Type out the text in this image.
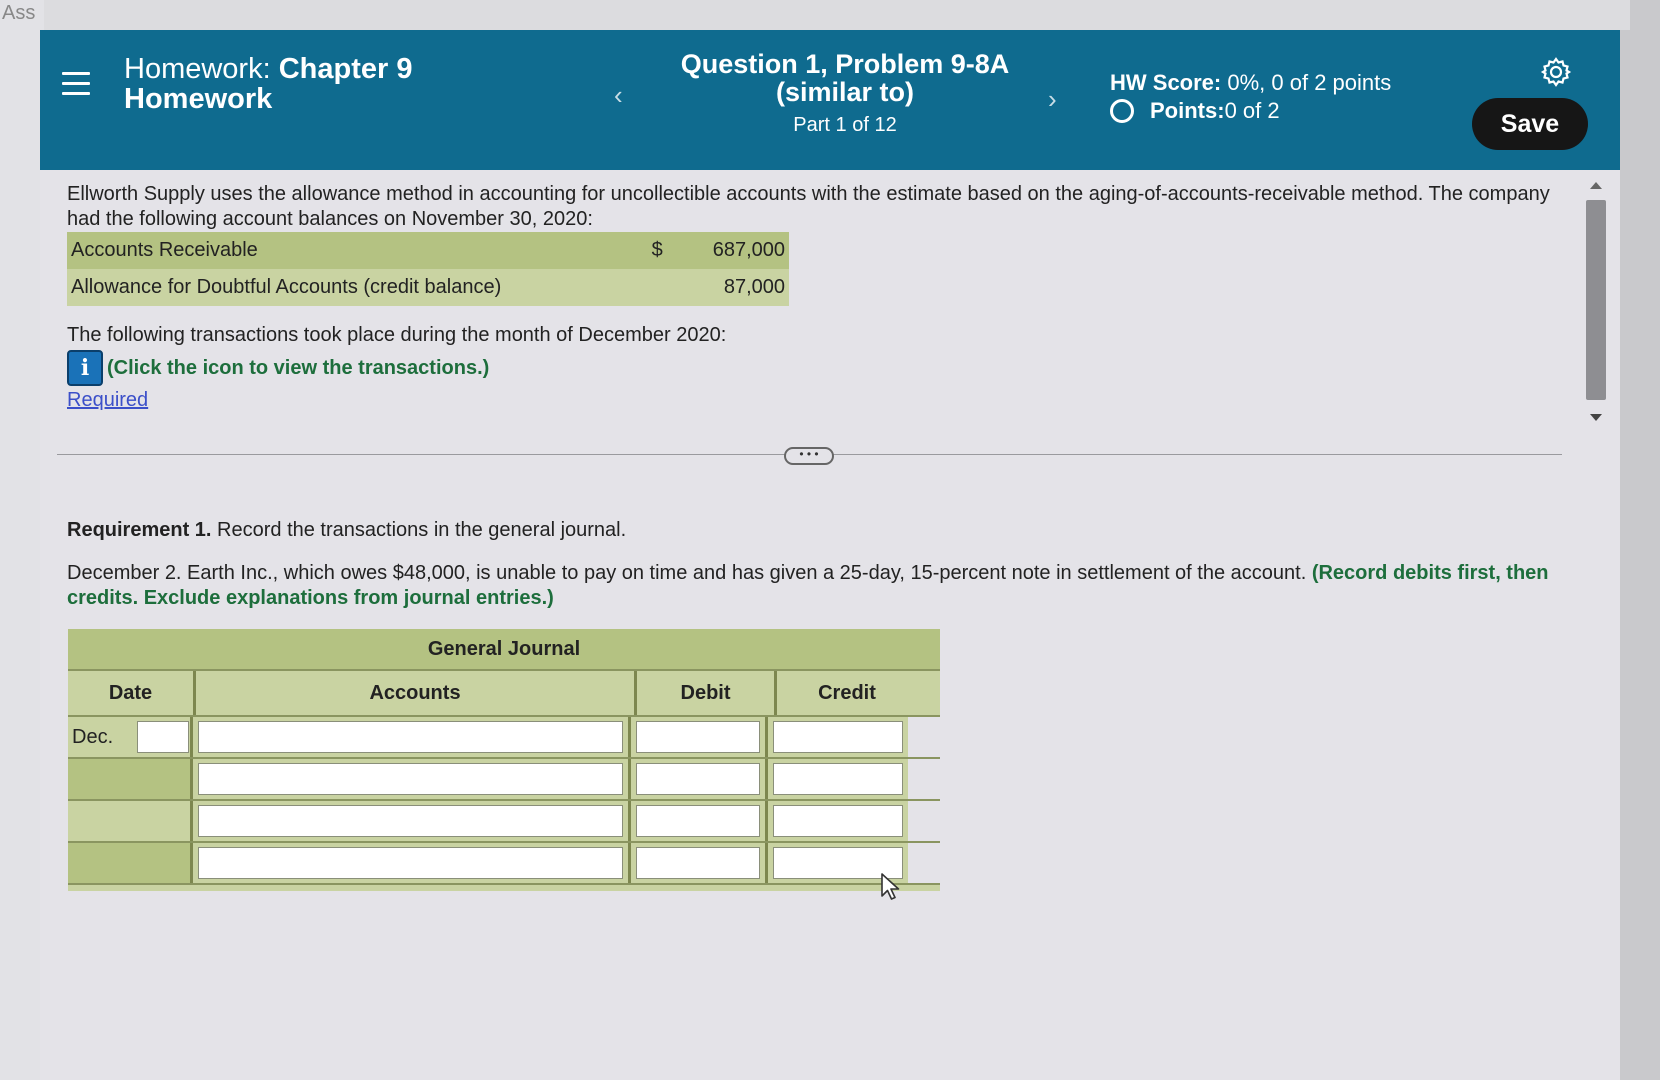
Ass
Homework: Chapter 9
Homework	‹
Question 1, Problem 9-8A
(similar to)
Part 1 of 12
›
HW Score: 0%, 0 of 2 points
Points: 0 of 2	Save
Ellworth Supply uses the allowance method in accounting for uncollectible accounts with the estimate based on the aging-of-accounts-receivable method. The company had the following account balances on November 30, 2020:
Accounts Receivable	$	687,000
Allowance for Doubtful Accounts (credit balance)		87,000
The following transactions took place during the month of December 2020:
i (Click the icon to view the transactions.)
Required
• • •
Requirement 1. Record the transactions in the general journal.
December 2. Earth Inc., which owes $48,000, is unable to pay on time and has given a 25-day, 15-percent note in settlement of the account. (Record debits first, then credits. Exclude explanations from journal entries.)
General Journal
Date	Accounts	Debit	Credit
Dec.
